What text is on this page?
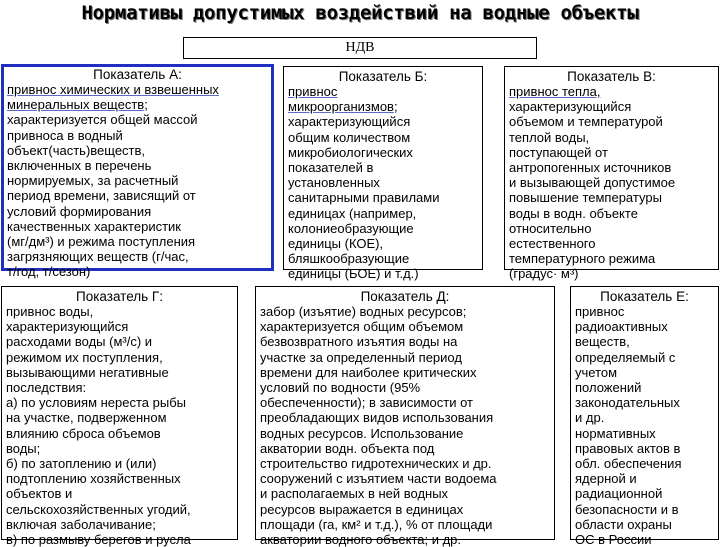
Нормативы допустимых воздействий на водные объекты
НДВ
Показатель А:
привнос химических и взвешенных
минеральных веществ;
характеризуется общей массой
привноса в водный
объект(часть)веществ,
включенных в перечень
нормируемых, за расчетный
период времени, зависящий от
условий формирования
качественных характеристик
(мг/дм³) и режима поступления
загрязняющих веществ (г/час,
т/год, т/сезон)
Показатель Б:
привнос
микроорганизмов;
характеризующийся
общим количеством
микробиологических
показателей в
установленных
санитарными правилами
единицах (например,
колониеобразующие
единицы (КОЕ),
бляшкообразующие
единицы (БОЕ) и т.д.)
Показатель В:
привнос тепла,
характеризующийся
объемом и температурой
теплой воды,
поступающей от
антропогенных источников
и вызывающей допустимое
повышение температуры
воды в водн. объекте
относительно
естественного
температурного режима
(градус· м³)
Показатель Г:
привнос воды,
характеризующийся
расходами воды (м³/с) и
режимом их поступления,
вызывающими негативные
последствия:
а) по условиям нереста рыбы
на участке, подверженном
влиянию сброса объемов
воды;
б) по затоплению и (или)
подтоплению хозяйственных
объектов и
сельскохозяйственных угодий,
включая заболачивание;
в) по размыву берегов и русла
Показатель Д:
забор (изъятие) водных ресурсов;
характеризуется общим объемом
безвозвратного изъятия воды на
участке за определенный период
времени для наиболее критических
условий по водности (95%
обеспеченности); в зависимости от
преобладающих видов использования
водных ресурсов. Использование
акватории водн. объекта под
строительство гидротехнических и др.
сооружений с изъятием части водоема
и располагаемых в ней водных
ресурсов выражается в единицах
площади (га, км² и т.д.), % от площади
акватории водного объекта; и др.
Показатель Е:
привнос
радиоактивных
веществ,
определяемый с
учетом
положений
законодательных
и др.
нормативных
правовых актов в
обл. обеспечения
ядерной и
радиационной
безопасности и в
области охраны
ОС в России
